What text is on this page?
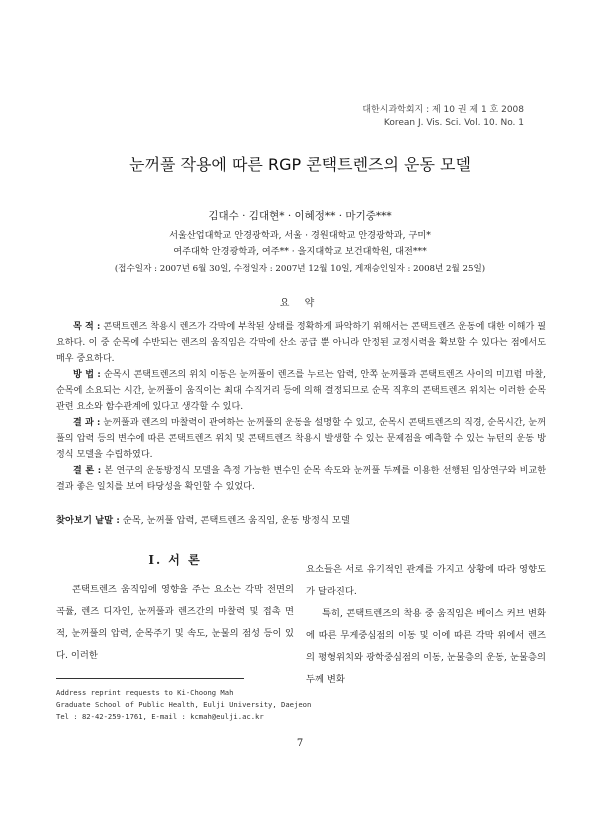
대한시과학회지 : 제 10 권 제 1 호 2008
Korean J. Vis. Sci. Vol. 10. No. 1
눈꺼풀 작용에 따른 RGP 콘택트렌즈의 운동 모델
김대수 · 김대현* · 이혜정** · 마기중***
서울산업대학교 안경광학과, 서울 · 경원대학교 안경광학과, 구미*
여주대학 안경광학과, 여주** · 을지대학교 보건대학원, 대전***
(접수일자 : 2007년 6월 30일, 수정일자 : 2007년 12월 10일, 게재승인일자 : 2008년 2월 25일)
요 약

목 적 : 콘택트렌즈 착용시 렌즈가 각막에 부착된 상태를 정확하게 파악하기 위해서는 콘택트렌즈 운동에 대한 이해가 필요하다. 이 중 순목에 수반되는 렌즈의 움직임은 각막에 산소 공급 뿐 아니라 안정된 교정시력을 확보할 수 있다는 점에서도 매우 중요하다.

방 법 : 순목시 콘택트렌즈의 위치 이동은 눈꺼풀이 렌즈를 누르는 압력, 안쪽 눈꺼풀과 콘택트렌즈 사이의 미끄럼 마찰, 순목에 소요되는 시간, 눈꺼풀이 움직이는 최대 수직거리 등에 의해 결정되므로 순목 직후의 콘택트렌즈 위치는 이러한 순목 관련 요소와 함수관계에 있다고 생각할 수 있다.

결 과 : 눈꺼풀과 렌즈의 마찰력이 관여하는 눈꺼풀의 운동을 설명할 수 있고, 순목시 콘택트렌즈의 직경, 순목시간, 눈꺼풀의 압력 등의 변수에 따른 콘택트렌즈 위치 및 콘택트렌즈 착용시 발생할 수 있는 문제점을 예측할 수 있는 뉴턴의 운동 방정식 모델을 수립하였다.

결 론 : 본 연구의 운동방정식 모델을 측정 가능한 변수인 순목 속도와 눈꺼풀 두께를 이용한 선행된 임상연구와 비교한 결과 좋은 일치를 보여 타당성을 확인할 수 있었다.

찾아보기 낱말 : 순목, 눈꺼풀 압력, 콘택트렌즈 움직임, 운동 방정식 모델
Ⅰ. 서 론

콘택트렌즈 움직임에 영향을 주는 요소는 각막 전면의 곡률, 렌즈 디자인, 눈꺼풀과 렌즈간의 마찰력 및 접촉 면적, 눈꺼풀의 압력, 순목주기 및 속도, 눈물의 점성 등이 있다. 이러한

요소들은 서로 유기적인 관계를 가지고 상황에 따라 영향도가 달라진다.

특히, 콘택트렌즈의 착용 중 움직임은 베이스 커브 변화에 따른 무게중심점의 이동 및 이에 따른 각막 위에서 렌즈의 평형위치와 광학중심점의 이동, 눈물층의 운동, 눈물층의 두께 변화

Address reprint requests to Ki-Choong Mah
Graduate School of Public Health, Eulji University, Daejeon
Tel : 82-42-259-1761, E-mail : kcmah@eulji.ac.kr
7
